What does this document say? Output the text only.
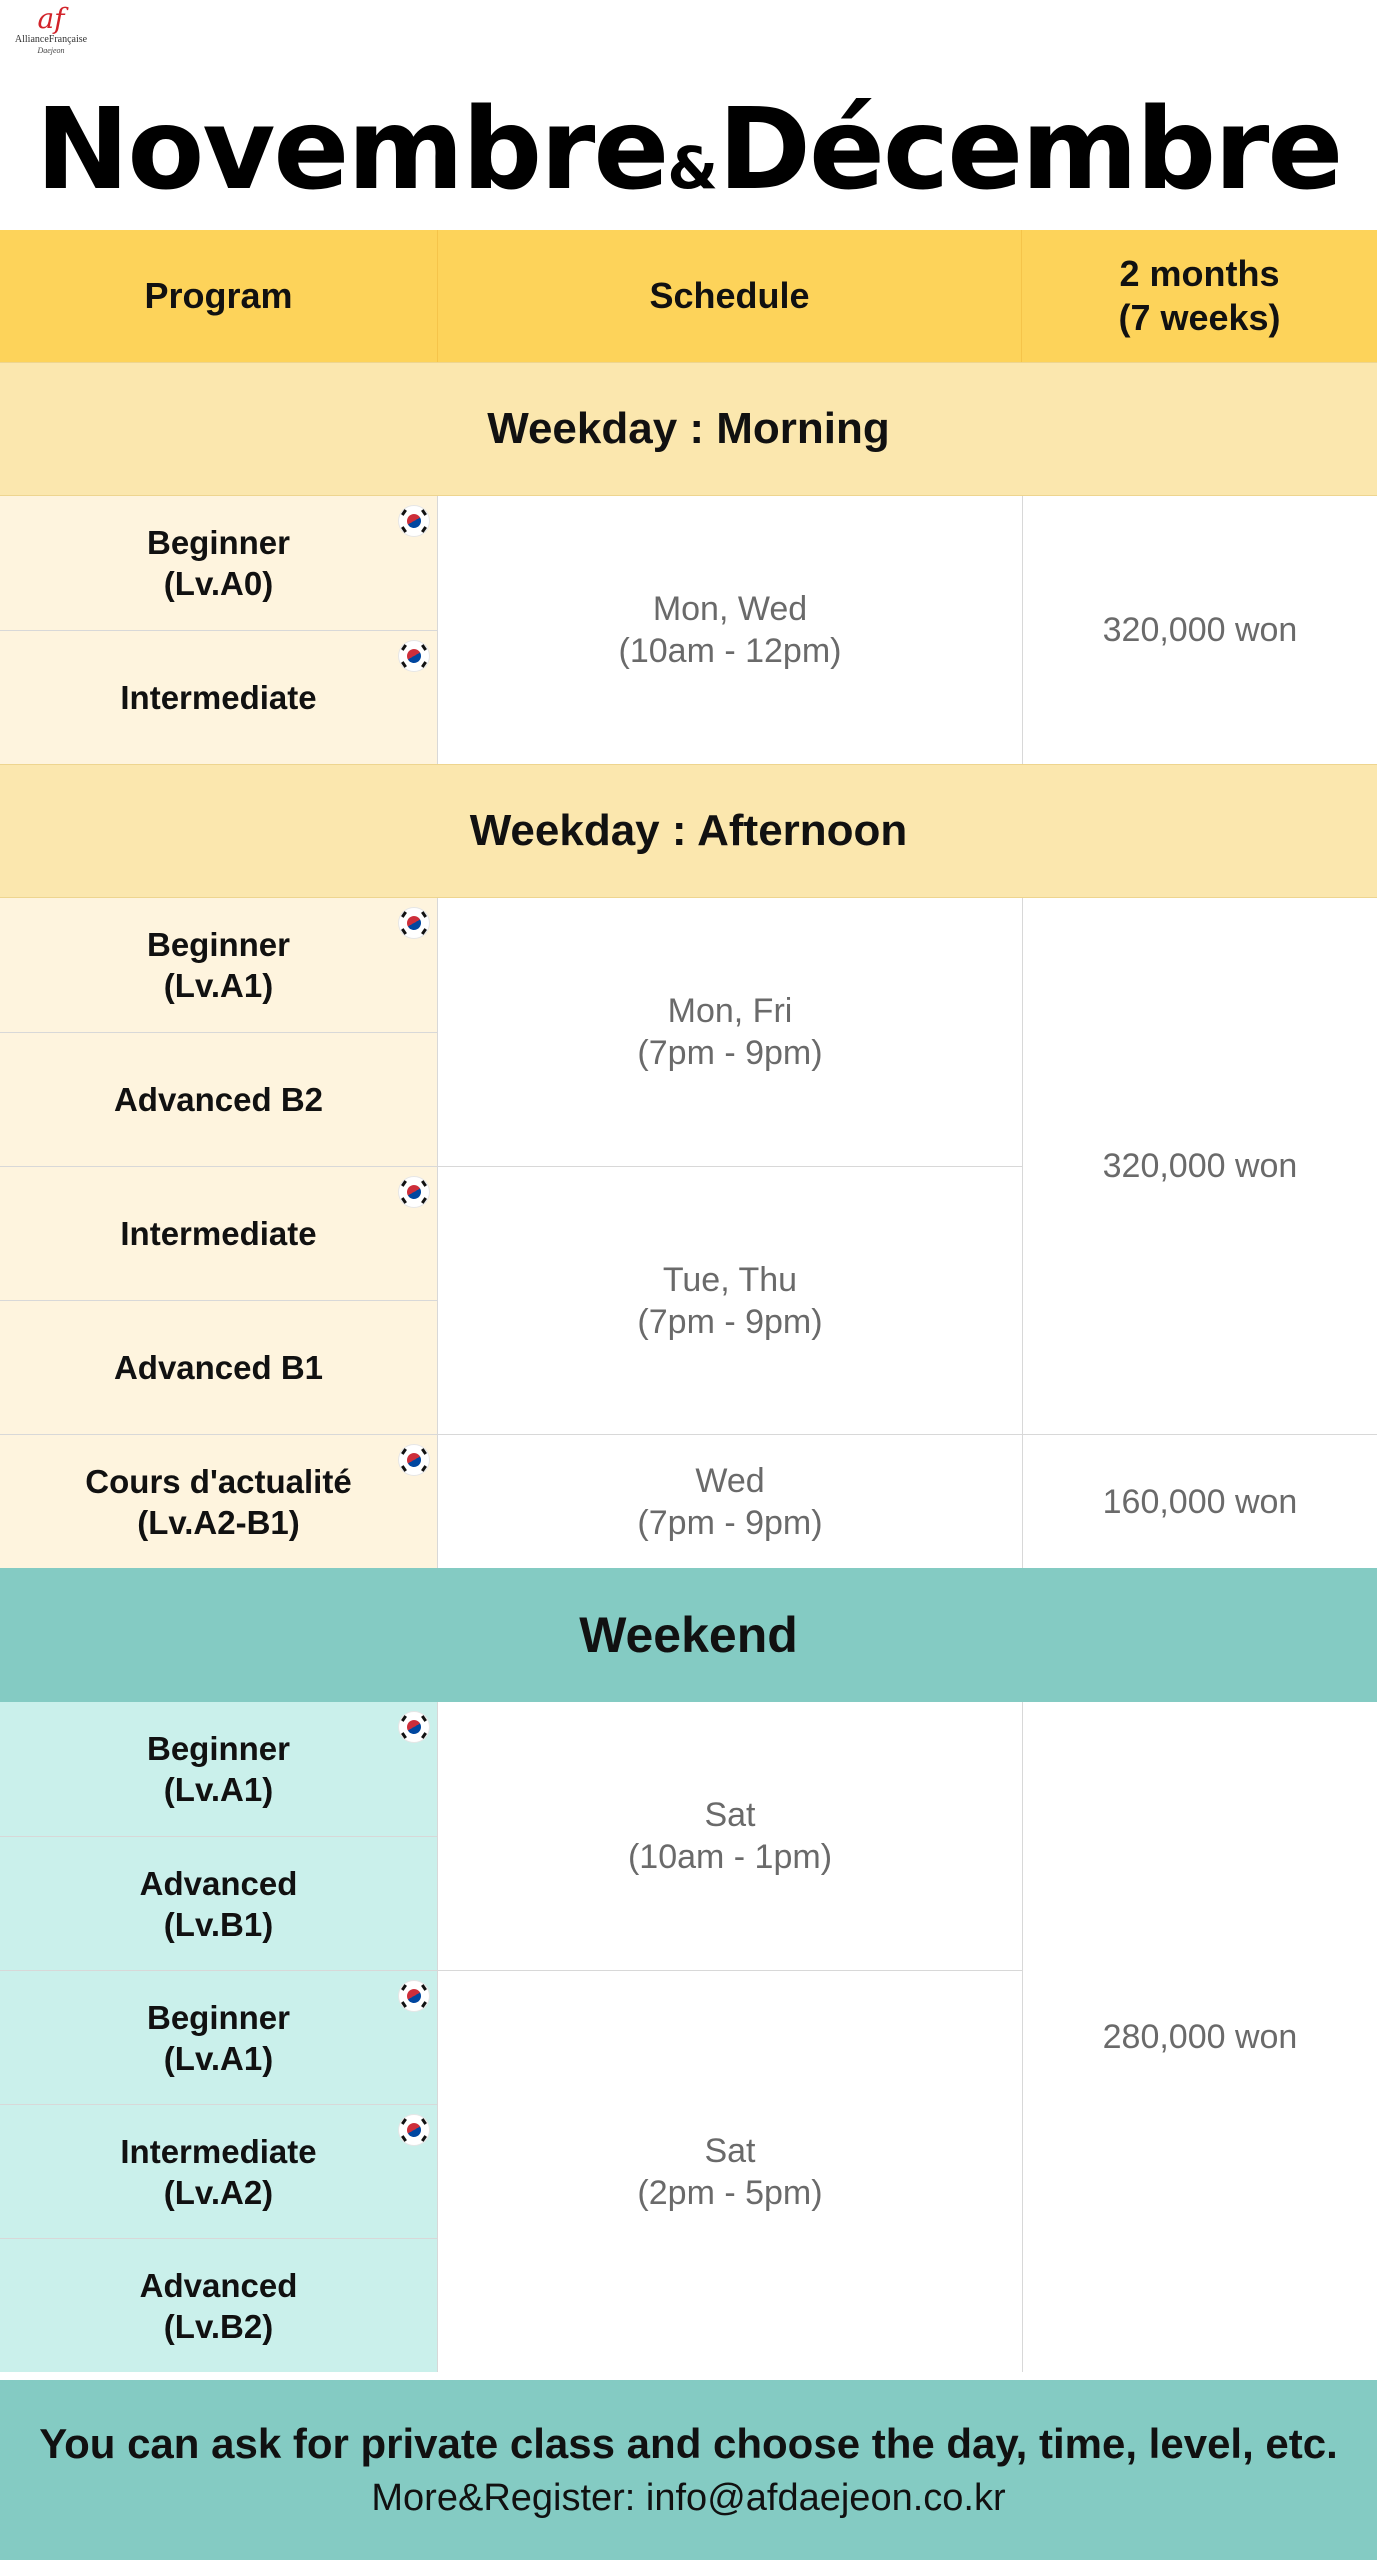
af
AllianceFrançaise
Daejeon
Novembre&Décembre
Program	Schedule
2 months
(7 weeks)
Weekday : Morning
Beginner
(Lv.A0)
Intermediate
Mon, Wed
(10am - 12pm)
320,000 won
Weekday : Afternoon
Beginner
(Lv.A1)
Advanced B2
Intermediate
Advanced B1
Cours d'actualité
(Lv.A2-B1)
Mon, Fri
(7pm - 9pm)
Tue, Thu
(7pm - 9pm)
Wed
(7pm - 9pm)
320,000 won
160,000 won
Weekend
Beginner
(Lv.A1)
Advanced
(Lv.B1)
Beginner
(Lv.A1)
Intermediate
(Lv.A2)
Advanced
(Lv.B2)
Sat
(10am - 1pm)
Sat
(2pm - 5pm)
280,000 won
You can ask for private class and choose the day, time, level, etc.
More&Register: info@afdaejeon.co.kr
